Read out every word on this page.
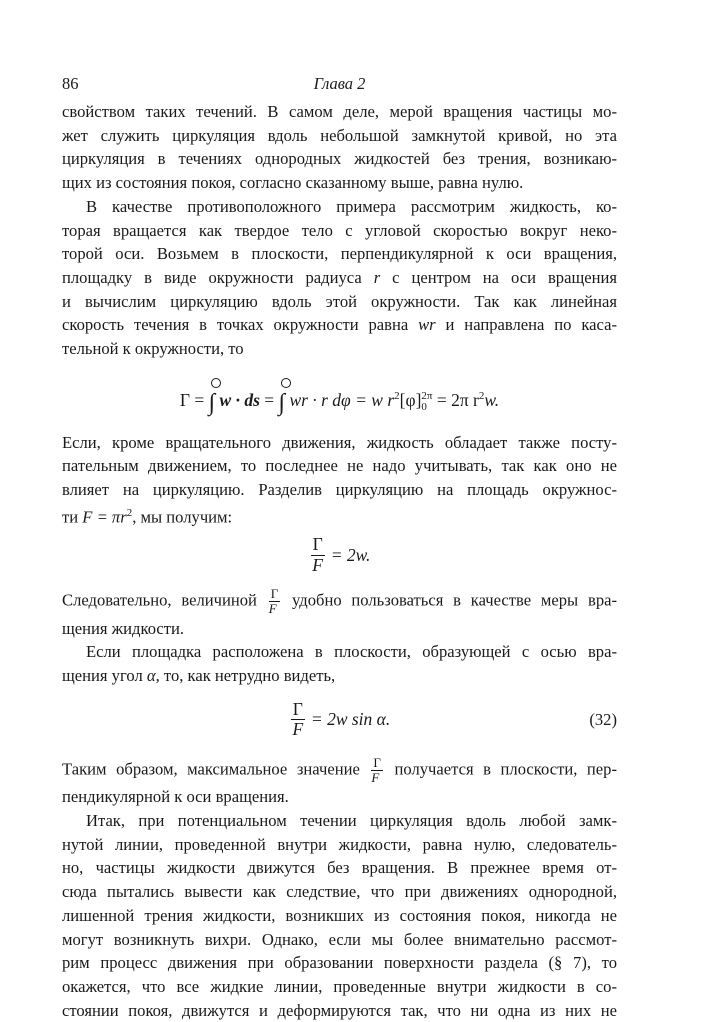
86	Глава 2

свойством таких течений. В самом деле, мерой вращения частицы мо-
жет служить циркуляция вдоль небольшой замкнутой кривой, но эта
циркуляция в течениях однородных жидкостей без трения, возникаю-
щих из состояния покоя, согласно сказанному выше, равна нулю.

В качестве противоположного примера рассмотрим жидкость, ко-
торая вращается как твердое тело с угловой скоростью вокруг неко-
торой оси. Возьмем в плоскости, перпендикулярной к оси вращения,
площадку в виде окружности радиуса r с центром на оси вращения
и вычислим циркуляцию вдоль этой окружности. Так как линейная
скорость течения в точках окружности равна wr и направлена по каса-
тельной к окружности, то

Γ = ∫ w · ds = ∫ wr · r dφ = w $r^2[\varphi]$ 2π
0 = 2π $r^2w$.

Если, кроме вращательного движения, жидкость обладает также посту-
пательным движением, то последнее не надо учитывать, так как оно не
влияет на циркуляцию. Разделив циркуляцию на площадь окружнос-
ти $F = \pi r^2$, мы получим:

$\frac{\Gamma}{F} = 2w$.

Следовательно, величиной $\frac{\Gamma}{F}$ удобно пользоваться в качестве меры вра-
щения жидкости.

Если площадка расположена в плоскости, образующей с осью вра-
щения угол α, то, как нетрудно видеть,

$\frac{\Gamma}{F} = 2w$ sin α.	(32)

Таким образом, максимальное значение $\frac{\Gamma}{F}$ получается в плоскости, пер-
пендикулярной к оси вращения.

Итак, при потенциальном течении циркуляция вдоль любой замк-
нутой линии, проведенной внутри жидкости, равна нулю, следователь-
но, частицы жидкости движутся без вращения. В прежнее время от-
сюда пытались вывести как следствие, что при движениях однородной,
лишенной трения жидкости, возникших из состояния покоя, никогда не
могут возникнуть вихри. Однако, если мы более внимательно рассмот-
рим процесс движения при образовании поверхности раздела (§ 7), то
окажется, что все жидкие линии, проведенные внутри жидкости в со-
стоянии покоя, движутся и деформируются так, что ни одна из них не
